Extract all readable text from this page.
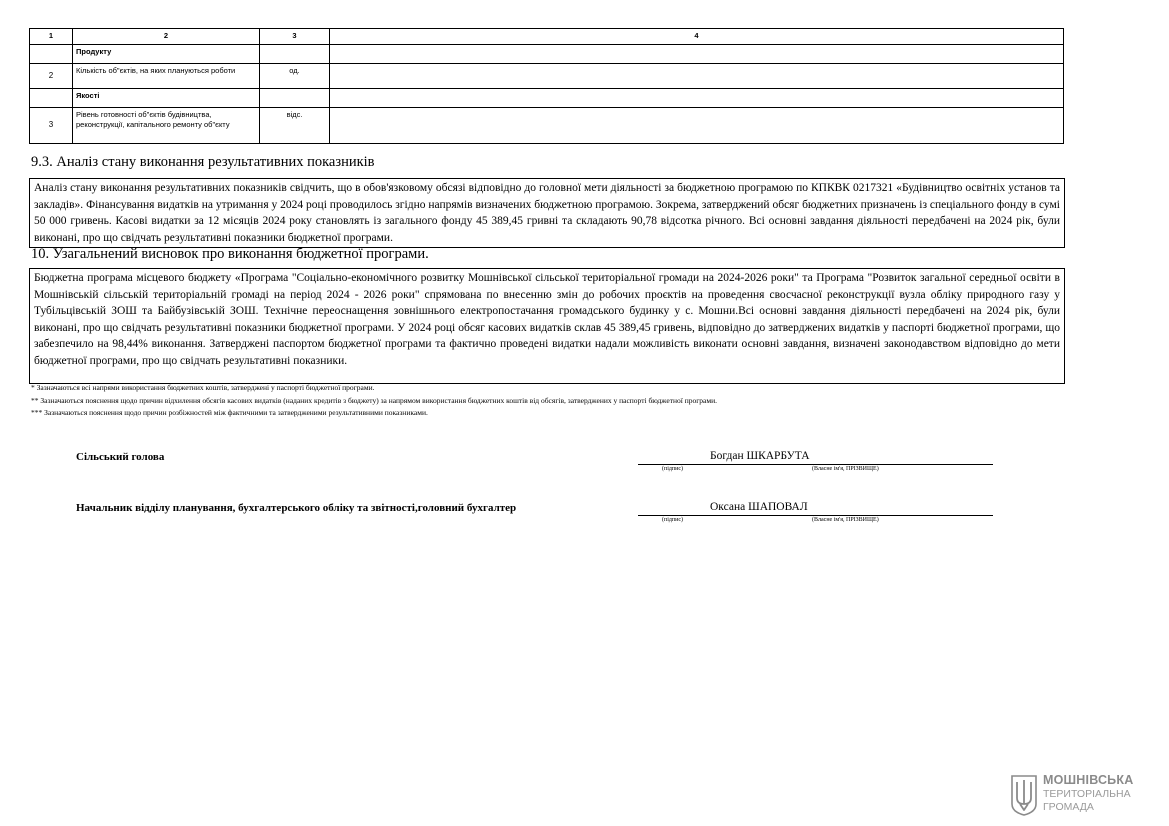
1	2	3	4
	Продукту		
2	Кількість об"єктів, на яких плануються роботи	од.	
	Якості		
3	Рівень готовності об"єктів будівництва, реконструкції, капітального ремонту об"єкту	відс.	
9.3. Аналіз стану виконання результативних показників
Аналіз стану виконання результативних показників свідчить, що в обов'язковому обсязі відповідно до головної мети діяльності за бюджетною програмою по КПКВК 0217321 «Будівництво освітніх установ та закладів». Фінансування видатків на утримання у 2024 році проводилось згідно напрямів визначених бюджетною програмою. Зокрема, затверджений обсяг бюджетних призначень із спеціального фонду в сумі 50 000 гривень. Касові видатки за 12 місяців 2024 року становлять із загального фонду 45 389,45 гривні та складають 90,78 відсотка річного. Всі основні завдання діяльності передбачені на 2024 рік, були виконані, про що свідчать результативні показники бюджетної програми.
10. Узагальнений висновок про виконання бюджетної програми.
Бюджетна програма місцевого бюджету «Програма "Соціально-економічного розвитку Мошнівської сільської територіальної громади на 2024-2026 роки" та Програма "Розвиток загальної середньої освіти в Мошнівській сільській територіальній громаді на період 2024 - 2026 роки" спрямована по внесенню змін до робочих проєктів на проведення свосчасної реконструкції вузла обліку природного газу у Тубільцівській ЗОШ та Байбузівській ЗОШ. Технічне переоснащення зовнішнього електропостачання громадського будинку у с. Мошни.Всі основні завдання діяльності передбачені на 2024 рік, були виконані, про що свідчать результативні показники бюджетної програми. У 2024 році обсяг касових видатків склав 45 389,45 гривень, відповідно до затверджених видатків у паспорті бюджетної програми, що забезпечило на 98,44% виконання. Затверджені паспортом бюджетної програми та фактично проведені видатки надали можливість виконати основні завдання, визначені законодавством відповідно до мети бюджетної програми, про що свідчать результативні показники.
* Зазначаються всі напрями використання бюджетних коштів, затверджені у паспорті бюджетної програми.
** Зазначаються пояснення щодо причин відхилення обсягів касових видатків (наданих кредитів з бюджету) за напрямом використання бюджетних коштів від обсягів, затверджених у паспорті бюджетної програми.
*** Зазначаються пояснення щодо причин розбіжностей між фактичними та затвердженими результативними показниками.
Сільський голова	Богдан ШКАРБУТА
(підпис)	(Власне ім'я, ПРІЗВИЩЕ)
Начальник відділу планування, бухгалтерського обліку та звітності,головний бухгалтер	Оксана ШАПОВАЛ
(підпис)	(Власне ім'я, ПРІЗВИЩЕ)
МОШНІВСЬКА
ТЕРИТОРІАЛЬНА
ГРОМАДА
